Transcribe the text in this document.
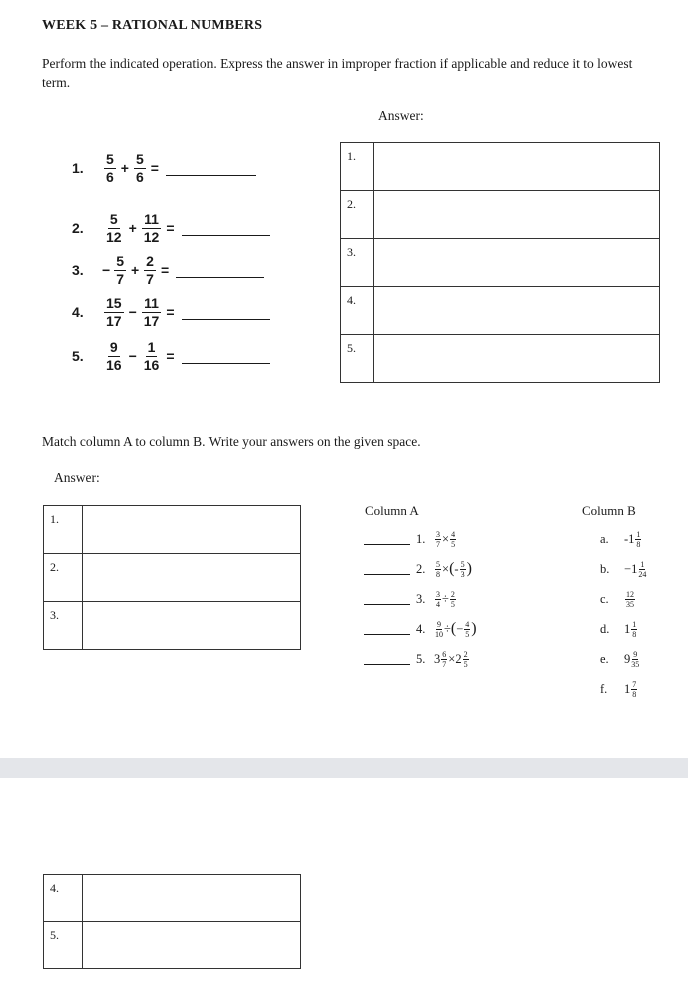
WEEK 5 – RATIONAL NUMBERS
Perform the indicated operation. Express the answer in improper fraction if applicable and reduce it to lowest term.
Answer:
1.	$\frac{5}{6} + \frac{5}{6}$ =
2.	$\frac{5}{12} + \frac{11}{12}$ =
3.	− $\frac{5}{7} + \frac{2}{7}$ =
4.	$\frac{15}{17} - \frac{11}{17}$ =
5.	$\frac{9}{16} - \frac{1}{16}$ =
1.	
2.	
3.	
4.	
5.	
Match column A to column B. Write your answers on the given space.
Answer:
1.	
2.	
3.	
Column A	Column B
1.	$\frac{3}{7} \times \frac{4}{5}$
2.	$\frac{5}{8}$ × ( - $\frac{5}{3}$ )
3.	$\frac{3}{4} \div \frac{2}{5}$
4.	$\frac{9}{10}$ ÷ ( − $\frac{4}{5}$ )
5. $3 \frac{6}{7} \times 2 \frac{2}{5}$
a.	- $1 \frac{1}{8}$
b.	− $1 \frac{1}{24}$
c.	$\frac{12}{35}$
d.	$1 \frac{1}{8}$
e.	$9 \frac{9}{35}$
f.	$1 \frac{7}{8}$
4.	
5.	
